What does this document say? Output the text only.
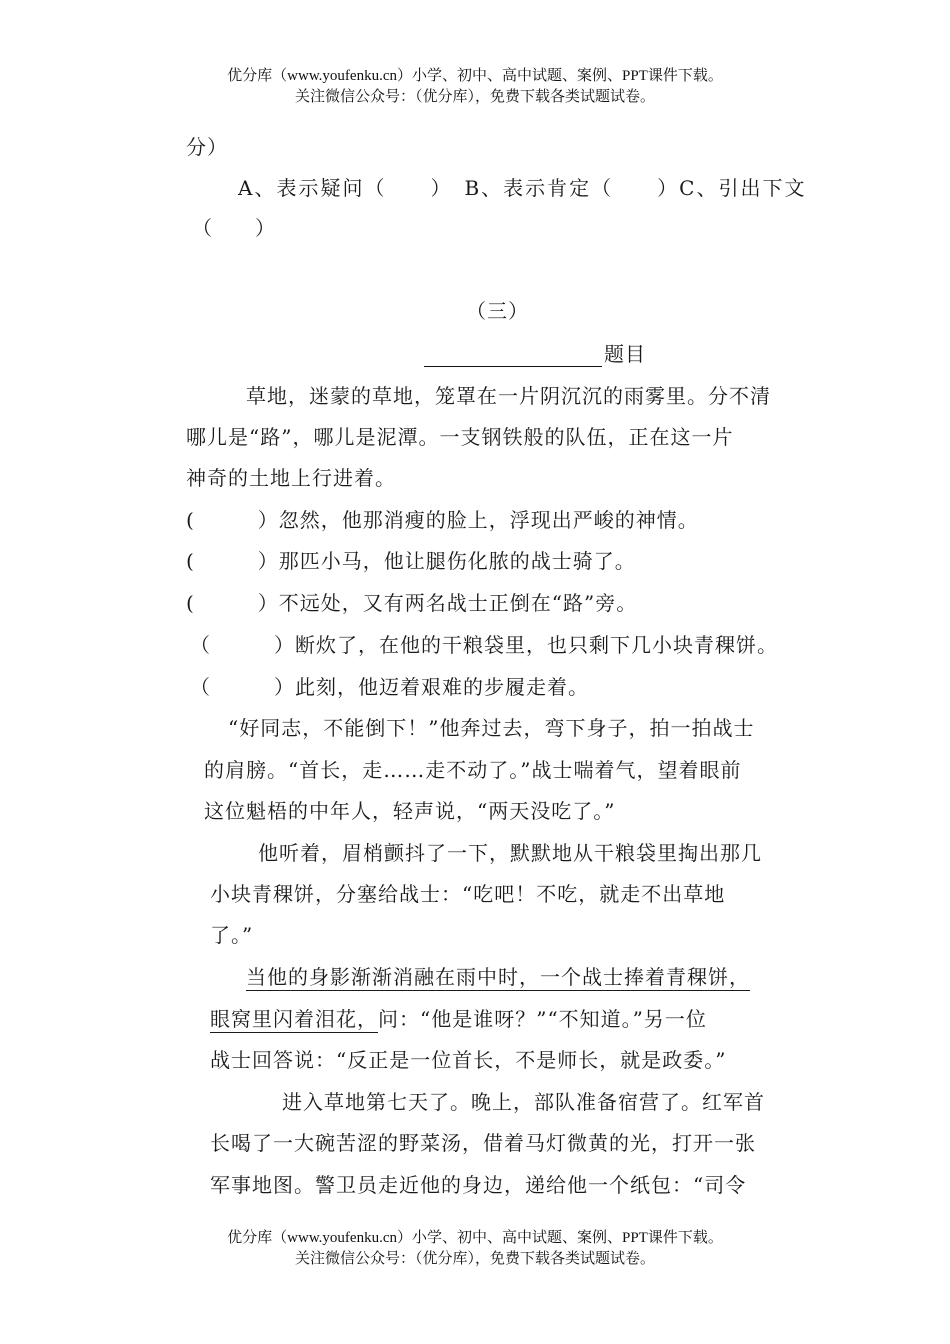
优分库（www.youfenku.cn）小学、初中、高中试题、案例、PPT课件下载。
关注微信公众号：（优分库），免费下载各类试题试卷。
分）
A、表示疑问（　　）　B、表示肯定（　　）C、引出下文
（　　）
（三）
题目
草地，迷蒙的草地，笼罩在一片阴沉沉的雨雾里。分不清
哪儿是“路”，哪儿是泥潭。一支钢铁般的队伍，正在这一片
神奇的土地上行进着。
(　　　）忽然，他那消瘦的脸上，浮现出严峻的神情。
(　　　）那匹小马，他让腿伤化脓的战士骑了。
(　　　）不远处，又有两名战士正倒在“路”旁。
（　　　）断炊了，在他的干粮袋里，也只剩下几小块青稞饼。
（　　　）此刻，他迈着艰难的步履走着。
“好同志，不能倒下！”他奔过去，弯下身子，拍一拍战士
的肩膀。“首长，走……走不动了。”战士喘着气，望着眼前
这位魁梧的中年人，轻声说，“两天没吃了。”
他听着，眉梢颤抖了一下，默默地从干粮袋里掏出那几
小块青稞饼，分塞给战士：“吃吧！不吃，就走不出草地
了。”
当他的身影渐渐消融在雨中时，一个战士捧着青稞饼，
眼窝里闪着泪花，问：“他是谁呀？”“不知道。”另一位
战士回答说：“反正是一位首长，不是师长，就是政委。”
进入草地第七天了。晚上，部队准备宿营了。红军首
长喝了一大碗苦涩的野菜汤，借着马灯微黄的光，打开一张
军事地图。警卫员走近他的身边，递给他一个纸包：“司令
优分库（www.youfenku.cn）小学、初中、高中试题、案例、PPT课件下载。
关注微信公众号：（优分库），免费下载各类试题试卷。
